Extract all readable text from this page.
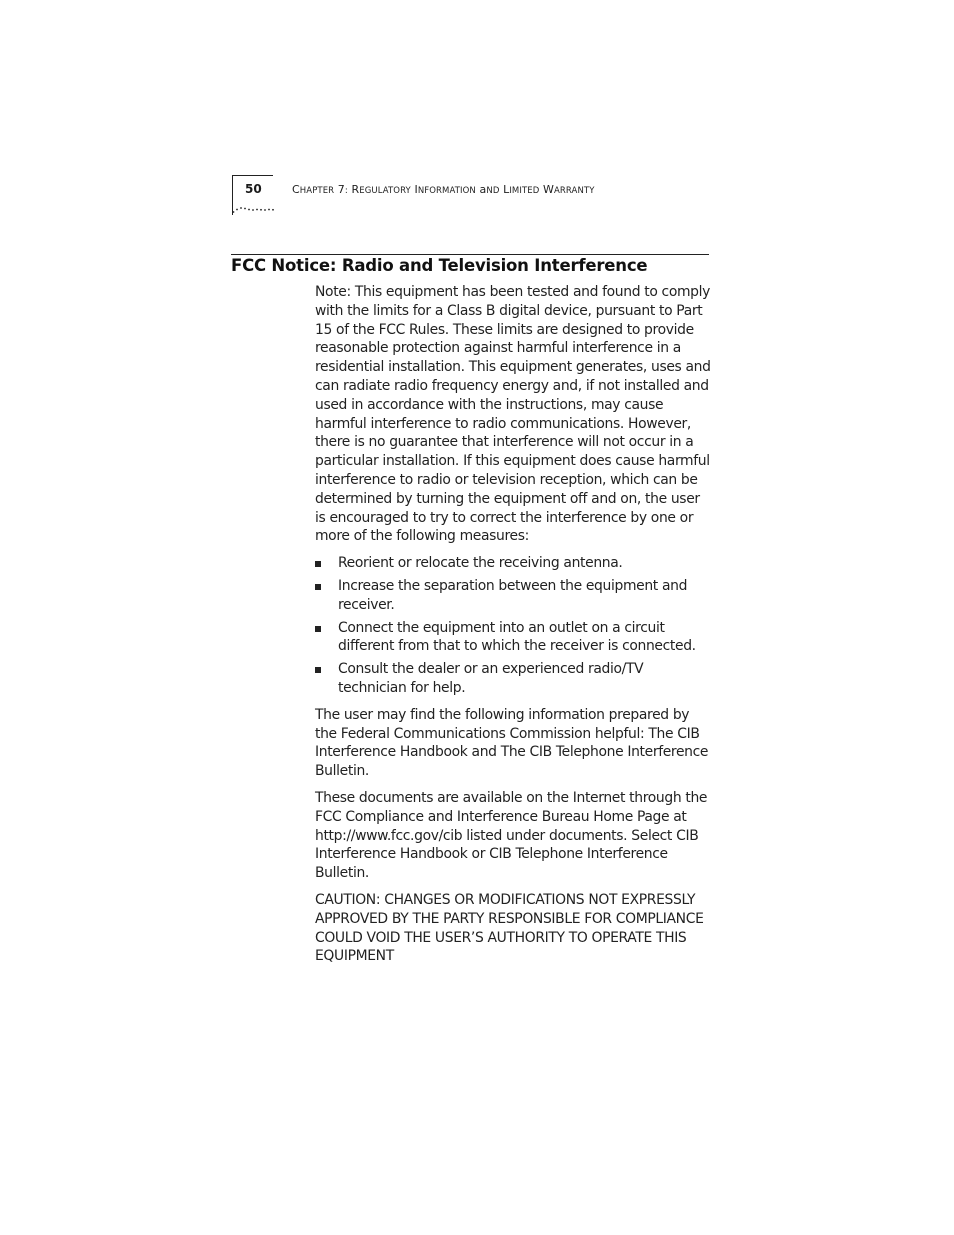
50	CHAPTER 7: REGULATORY INFORMATION aND LIMITED WARRANTY
FCC Notice: Radio and Television Interference

Note: This equipment has been tested and found to comply with the limits for a Class B digital device, pursuant to Part 15 of the FCC Rules. These limits are designed to provide reasonable protection against harmful interference in a residential installation. This equipment generates, uses and can radiate radio frequency energy and, if not installed and used in accordance with the instructions, may cause harmful interference to radio communications. However, there is no guarantee that interference will not occur in a particular installation. If this equipment does cause harmful interference to radio or television reception, which can be determined by turning the equipment off and on, the user is encouraged to try to correct the interference by one or more of the following measures:

Reorient or relocate the receiving antenna.
Increase the separation between the equipment and receiver.
Connect the equipment into an outlet on a circuit different from that to which the receiver is connected.
Consult the dealer or an experienced radio/TV technician for help.

The user may find the following information prepared by the Federal Communications Commission helpful: The CIB Interference Handbook and The CIB Telephone Interference Bulletin.

These documents are available on the Internet through the FCC Compliance and Interference Bureau Home Page at http://www.fcc.gov/cib listed under documents. Select CIB Interference Handbook or CIB Telephone Interference Bulletin.

CAUTION: CHANGES OR MODIFICATIONS NOT EXPRESSLY APPROVED BY THE PARTY RESPONSIBLE FOR COMPLIANCE COULD VOID THE USER’S AUTHORITY TO OPERATE THIS EQUIPMENT
